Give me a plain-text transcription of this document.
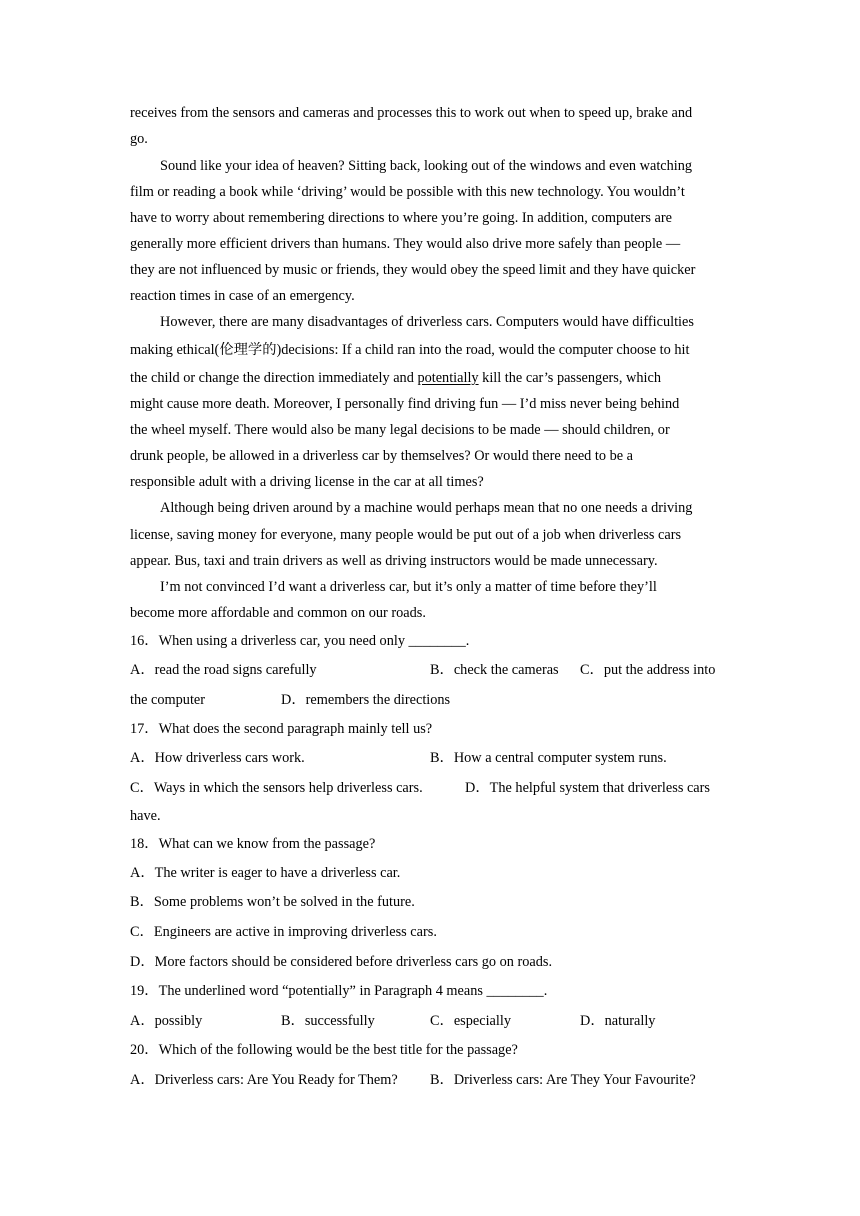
receives from the sensors and cameras and processes this to work out when to speed up, brake and
go.
Sound like your idea of heaven? Sitting back, looking out of the windows and even watching
film or reading a book while ‘driving’ would be possible with this new technology. You wouldn’t
have to worry about remembering directions to where you’re going. In addition, computers are
generally more efficient drivers than humans. They would also drive more safely than people —
they are not influenced by music or friends, they would obey the speed limit and they have quicker
reaction times in case of an emergency.
However, there are many disadvantages of driverless cars. Computers would have difficulties
making ethical(伦理学的)decisions: If a child ran into the road, would the computer choose to hit
the child or change the direction immediately and potentially kill the car’s passengers, which
might cause more death. Moreover, I personally find driving fun — I’d miss never being behind
the wheel myself. There would also be many legal decisions to be made — should children, or
drunk people, be allowed in a driverless car by themselves? Or would there need to be a
responsible adult with a driving license in the car at all times?
Although being driven around by a machine would perhaps mean that no one needs a driving
license, saving money for everyone, many people would be put out of a job when driverless cars
appear. Bus, taxi and train drivers as well as driving instructors would be made unnecessary.
I’m not convinced I’d want a driverless car, but it’s only a matter of time before they’ll
become more affordable and common on our roads.
16．When using a driverless car, you need only ________.
A．read the road signs carefully	B．check the cameras C．put the address into
the computer	D．remembers the directions
17．What does the second paragraph mainly tell us?
A．How driverless cars work.	B．How a central computer system runs.
C．Ways in which the sensors help driverless cars.	D．The helpful system that driverless cars
have.
18．What can we know from the passage?
A．The writer is eager to have a driverless car.
B．Some problems won’t be solved in the future.
C．Engineers are active in improving driverless cars.
D．More factors should be considered before driverless cars go on roads.
19．The underlined word “potentially” in Paragraph 4 means ________.
A．possibly	B．successfully	C．especially	D．naturally
20．Which of the following would be the best title for the passage?
A．Driverless cars: Are You Ready for Them? B．Driverless cars: Are They Your Favourite?
